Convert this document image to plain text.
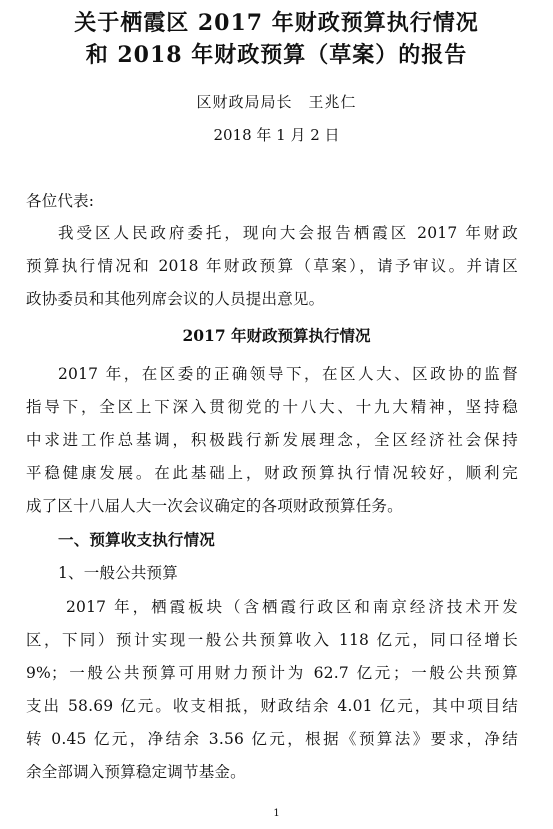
关于栖霞区 2017 年财政预算执行情况
和 2018 年财政预算（草案）的报告
区财政局局长　王兆仁
2018 年 1 月 2 日
各位代表:
我受区人民政府委托，现向大会报告栖霞区 2017 年财政
预算执行情况和 2018 年财政预算（草案），请予审议。并请区
政协委员和其他列席会议的人员提出意见。
2017 年财政预算执行情况
2017 年，在区委的正确领导下，在区人大、区政协的监督
指导下，全区上下深入贯彻党的十八大、十九大精神，坚持稳
中求进工作总基调，积极践行新发展理念，全区经济社会保持
平稳健康发展。在此基础上，财政预算执行情况较好，顺利完
成了区十八届人大一次会议确定的各项财政预算任务。
一、预算收支执行情况
1、一般公共预算
2017 年，栖霞板块（含栖霞行政区和南京经济技术开发
区，下同）预计实现一般公共预算收入 118 亿元，同口径增长
9%；一般公共预算可用财力预计为 62.7 亿元；一般公共预算
支出 58.69 亿元。收支相抵，财政结余 4.01 亿元，其中项目结
转 0.45 亿元，净结余 3.56 亿元，根据《预算法》要求，净结
余全部调入预算稳定调节基金。
1
